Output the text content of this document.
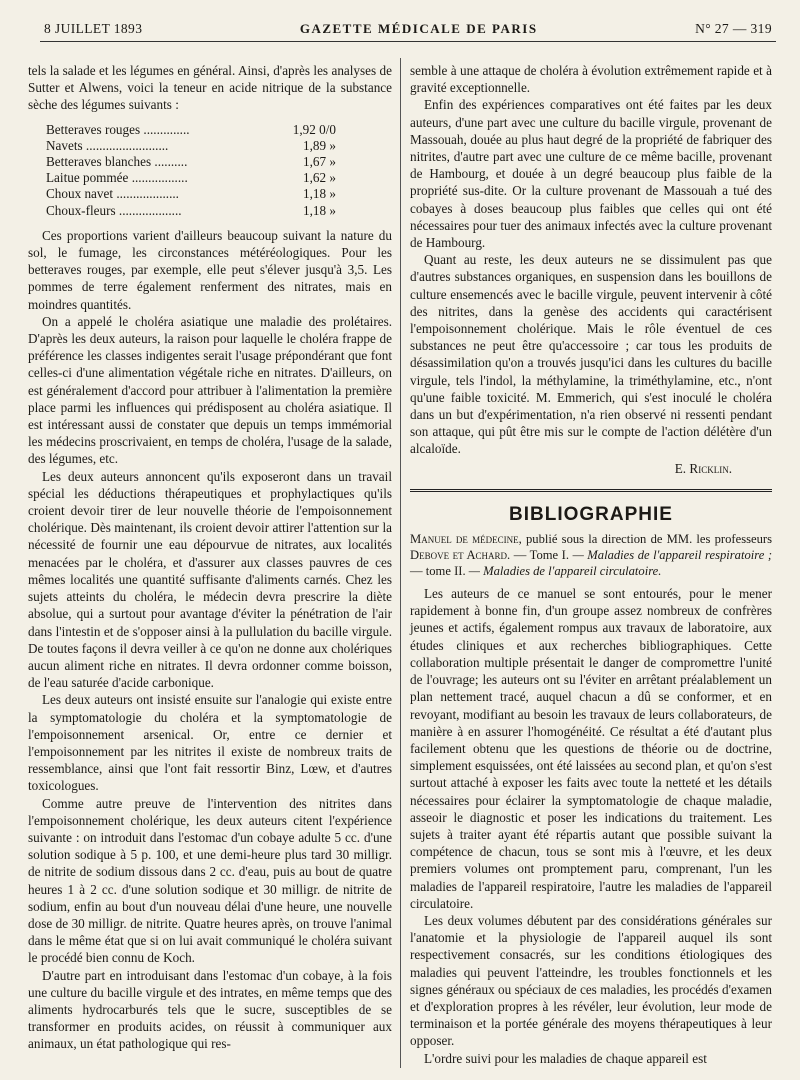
8 JUILLET 1893	GAZETTE MÉDICALE DE PARIS	N° 27 — 319

tels la salade et les légumes en général. Ainsi, d'après les analyses de Sutter et Alwens, voici la teneur en acide nitrique de la substance sèche des légumes suivants :

Betteraves rouges ..............	1,92 0/0
Navets .........................	1,89 »
Betteraves blanches ..........	1,67 »
Laitue pommée .................	1,62 »
Choux navet ...................	1,18 »
Choux-fleurs ...................	1,18 »

Ces proportions varient d'ailleurs beaucoup suivant la nature du sol, le fumage, les circonstances météréologiques. Pour les betteraves rouges, par exemple, elle peut s'élever jusqu'à 3,5. Les pommes de terre également renferment des nitrates, mais en moindres quantités.

On a appelé le choléra asiatique une maladie des prolétaires. D'après les deux auteurs, la raison pour laquelle le choléra frappe de préférence les classes indigentes serait l'usage prépondérant que font celles-ci d'une alimentation végétale riche en nitrates. D'ailleurs, on est généralement d'accord pour attribuer à l'alimentation la première place parmi les influences qui prédisposent au choléra asiatique. Il est intéressant aussi de constater que depuis un temps immémorial les médecins proscrivaient, en temps de choléra, l'usage de la salade, des légumes, etc.

Les deux auteurs annoncent qu'ils exposeront dans un travail spécial les déductions thérapeutiques et prophylactiques qu'ils croient devoir tirer de leur nouvelle théorie de l'empoisonnement cholérique. Dès maintenant, ils croient devoir attirer l'attention sur la nécessité de fournir une eau dépourvue de nitrates, aux localités menacées par le choléra, et d'assurer aux classes pauvres de ces mêmes localités une quantité suffisante d'aliments carnés. Chez les sujets atteints du choléra, le médecin devra prescrire la diète absolue, qui a surtout pour avantage d'éviter la pénétration de l'air dans l'intestin et de s'opposer ainsi à la pullulation du bacille virgule. De toutes façons il devra veiller à ce qu'on ne donne aux cholériques aucun aliment riche en nitrates. Il devra ordonner comme boisson, de l'eau saturée d'acide carbonique.

Les deux auteurs ont insisté ensuite sur l'analogie qui existe entre la symptomatologie du choléra et la symptomatologie de l'empoisonnement arsenical. Or, entre ce dernier et l'empoisonnement par les nitrites il existe de nombreux traits de ressemblance, ainsi que l'ont fait ressortir Binz, Lœw, et d'autres toxicologues.

Comme autre preuve de l'intervention des nitrites dans l'empoisonnement cholérique, les deux auteurs citent l'expérience suivante : on introduit dans l'estomac d'un cobaye adulte 5 cc. d'une solution sodique à 5 p. 100, et une demi-heure plus tard 30 milligr. de nitrite de sodium dissous dans 2 cc. d'eau, puis au bout de quatre heures 1 à 2 cc. d'une solution sodique et 30 milligr. de nitrite de sodium, enfin au bout d'un nouveau délai d'une heure, une nouvelle dose de 30 milligr. de nitrite. Quatre heures après, on trouve l'animal dans le même état que si on lui avait communiqué le choléra suivant le procédé bien connu de Koch.

D'autre part en introduisant dans l'estomac d'un cobaye, à la fois une culture du bacille virgule et des intrates, en même temps que des aliments hydrocarburés tels que le sucre, susceptibles de se transformer en produits acides, on réussit à communiquer aux animaux, un état pathologique qui res-

semble à une attaque de choléra à évolution extrêmement rapide et à gravité exceptionnelle.

Enfin des expériences comparatives ont été faites par les deux auteurs, d'une part avec une culture du bacille virgule, provenant de Massouah, douée au plus haut degré de la propriété de fabriquer des nitrites, d'autre part avec une culture de ce même bacille, provenant de Hambourg, et douée à un degré beaucoup plus faible de la propriété sus-dite. Or la culture provenant de Massouah a tué des cobayes à doses beaucoup plus faibles que celles qui ont été nécessaires pour tuer des animaux infectés avec la culture provenant de Hambourg.

Quant au reste, les deux auteurs ne se dissimulent pas que d'autres substances organiques, en suspension dans les bouillons de culture ensemencés avec le bacille virgule, peuvent intervenir à côté des nitrites, dans la genèse des accidents qui caractérisent l'empoisonnement cholérique. Mais le rôle éventuel de ces substances ne peut être qu'accessoire ; car tous les produits de désassimilation qu'on a trouvés jusqu'ici dans les cultures du bacille virgule, tels l'indol, la méthylamine, la triméthylamine, etc., n'ont qu'une faible toxicité. M. Emmerich, qui s'est inoculé le choléra dans un but d'expérimentation, n'a rien observé ni ressenti pendant son attaque, qui pût être mis sur le compte de l'action délétère d'un alcaloïde.

E. Ricklin.
BIBLIOGRAPHIE

Manuel de médecine, publié sous la direction de MM. les professeurs Debove et Achard. — Tome I. — Maladies de l'appareil respiratoire ; — tome II. — Maladies de l'appareil circulatoire.

Les auteurs de ce manuel se sont entourés, pour le mener rapidement à bonne fin, d'un groupe assez nombreux de confrères jeunes et actifs, également rompus aux travaux de laboratoire, aux études cliniques et aux recherches bibliographiques. Cette collaboration multiple présentait le danger de compromettre l'unité de l'ouvrage; les auteurs ont su l'éviter en arrêtant préalablement un plan nettement tracé, auquel chacun a dû se conformer, et en revoyant, modifiant au besoin les travaux de leurs collaborateurs, de manière à en assurer l'homogénéité. Ce résultat a été d'autant plus facilement obtenu que les questions de théorie ou de doctrine, simplement esquissées, ont été laissées au second plan, et qu'on s'est surtout attaché à exposer les faits avec toute la netteté et les détails nécessaires pour éclairer la symptomatologie de chaque maladie, asseoir le diagnostic et poser les indications du traitement. Les sujets à traiter ayant été répartis autant que possible suivant la compétence de chacun, tous se sont mis à l'œuvre, et les deux premiers volumes ont promptement paru, comprenant, l'un les maladies de l'appareil respiratoire, l'autre les maladies de l'appareil circulatoire.

Les deux volumes débutent par des considérations générales sur l'anatomie et la physiologie de l'appareil auquel ils sont respectivement consacrés, sur les conditions étiologiques des maladies qui peuvent l'atteindre, les troubles fonctionnels et les signes généraux ou spéciaux de ces maladies, les procédés d'examen et d'exploration propres à les révéler, leur évolution, leur mode de terminaison et la portée générale des moyens thérapeutiques à leur opposer.

L'ordre suivi pour les maladies de chaque appareil est
